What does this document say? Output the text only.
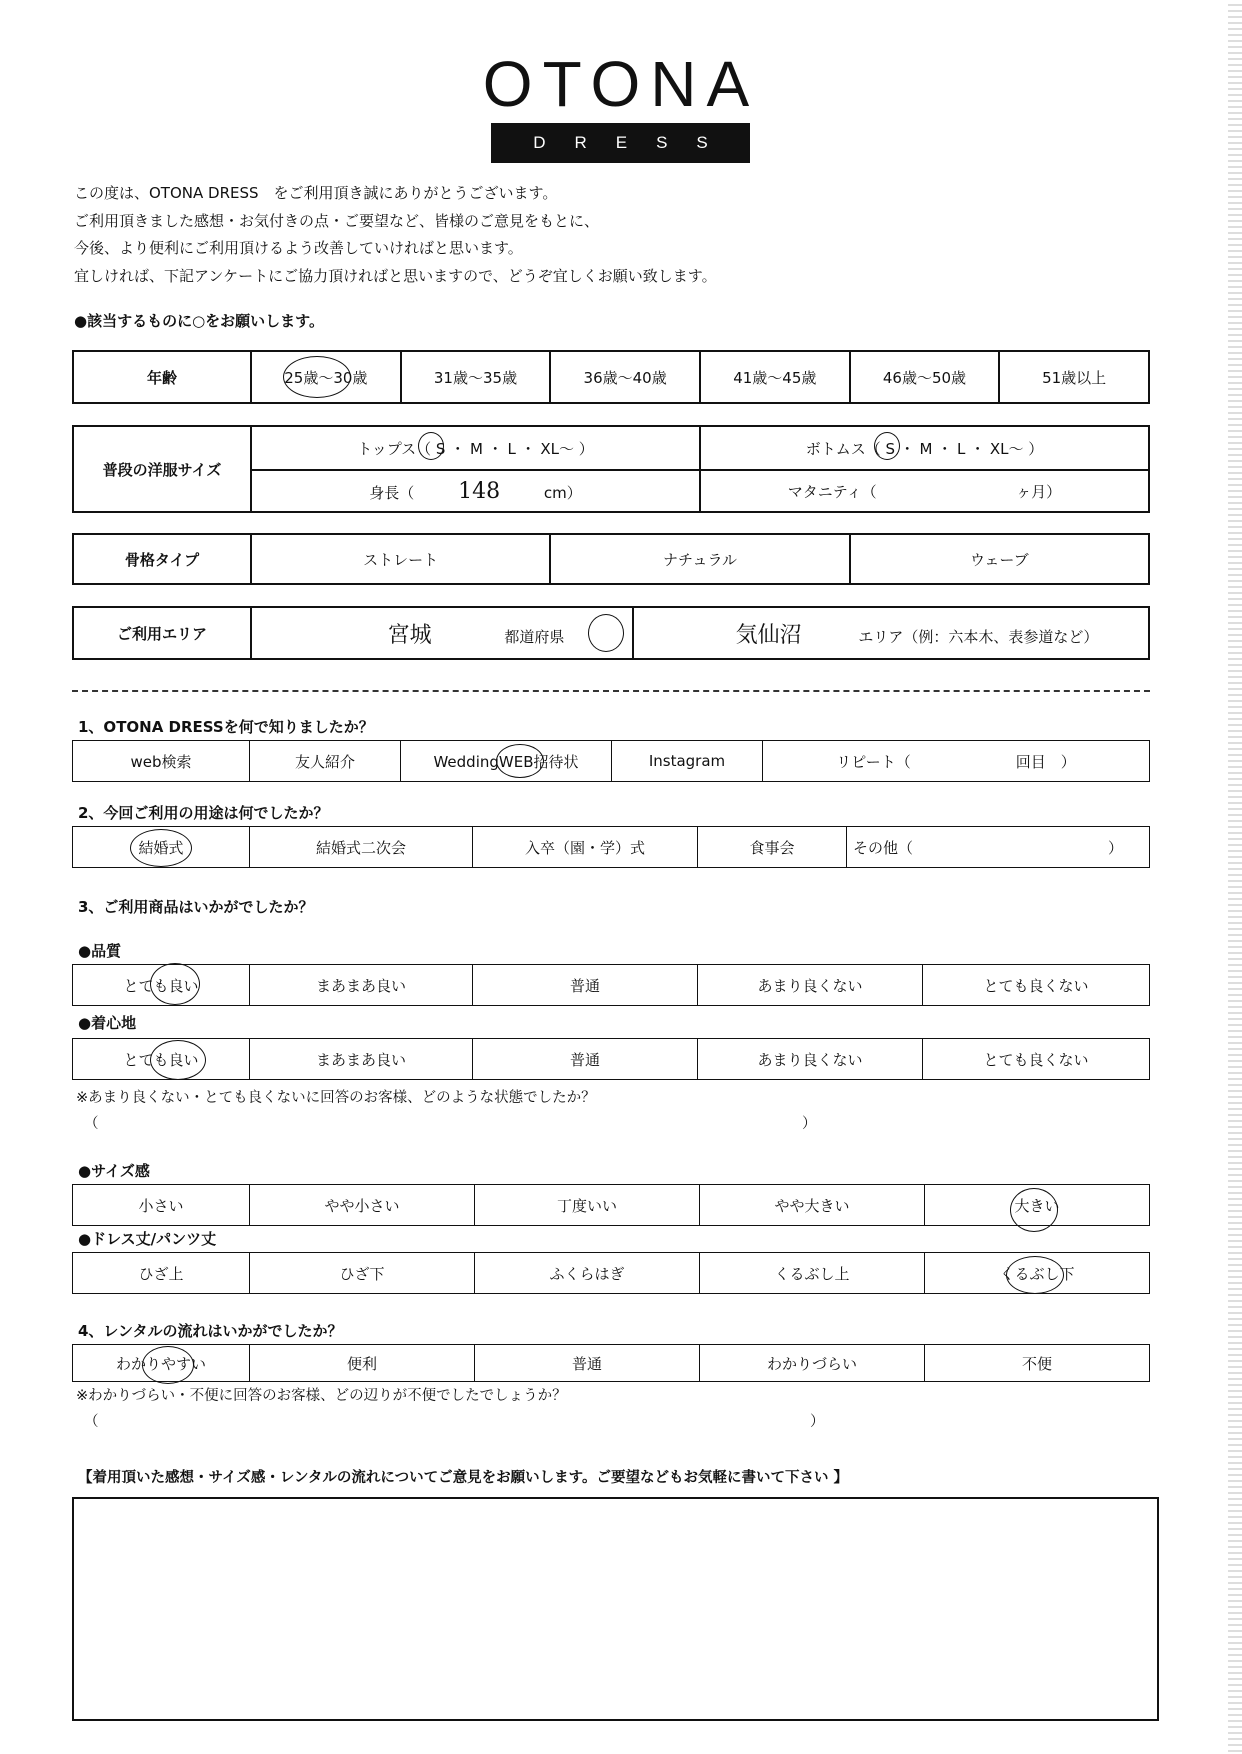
OTONA
DRESS
この度は、OTONA DRESS　をご利用頂き誠にありがとうございます。
ご利用頂きました感想・お気付きの点・ご要望など、皆様のご意見をもとに、
今後、より便利にご利用頂けるよう改善していければと思います。
宜しければ、下記アンケートにご協力頂ければと思いますので、どうぞ宜しくお願い致します。
●該当するものに○をお願いします。
年齢	25歳～30歳	31歳～35歳	36歳～40歳	41歳～45歳	46歳～50歳	51歳以上
普段の洋服サイズ	トップス（ S ・ M ・ L ・ XL～ ）	ボトムス（ S ・ M ・ L ・ XL～ ）
	身長（ 148 cm）	マタニティ（ ヶ月）
骨格タイプ	ストレート	ナチュラル	ウェーブ
ご利用エリア	宮城	都道府県	気仙沼	エリア（例：六本木、表参道など）
1、OTONA DRESSを何で知りましたか？
web検索	友人紹介	WeddingWEB招待状	Instagram	リピート（　　　　　　　回目　）
2、今回ご利用の用途は何でしたか？
結婚式	結婚式二次会	入卒（園・学）式	食事会	その他（　　　　　　　　　　　　　）
3、ご利用商品はいかがでしたか？
●品質
とても良い	まあまあ良い	普通	あまり良くない	とても良くない
●着心地
とても良い	まあまあ良い	普通	あまり良くない	とても良くない
※あまり良くない・とても良くないに回答のお客様、どのような状態でしたか？
（	）
●サイズ感
小さい	やや小さい	丁度いい	やや大きい	大きい
●ドレス丈/パンツ丈
ひざ上	ひざ下	ふくらはぎ	くるぶし上	くるぶし下
4、レンタルの流れはいかがでしたか？
わかりやすい	便利	普通	わかりづらい	不便
※わかりづらい・不便に回答のお客様、どの辺りが不便でしたでしょうか？
（	）
【着用頂いた感想・サイズ感・レンタルの流れについてご意見をお願いします。ご要望などもお気軽に書いて下さい 】
